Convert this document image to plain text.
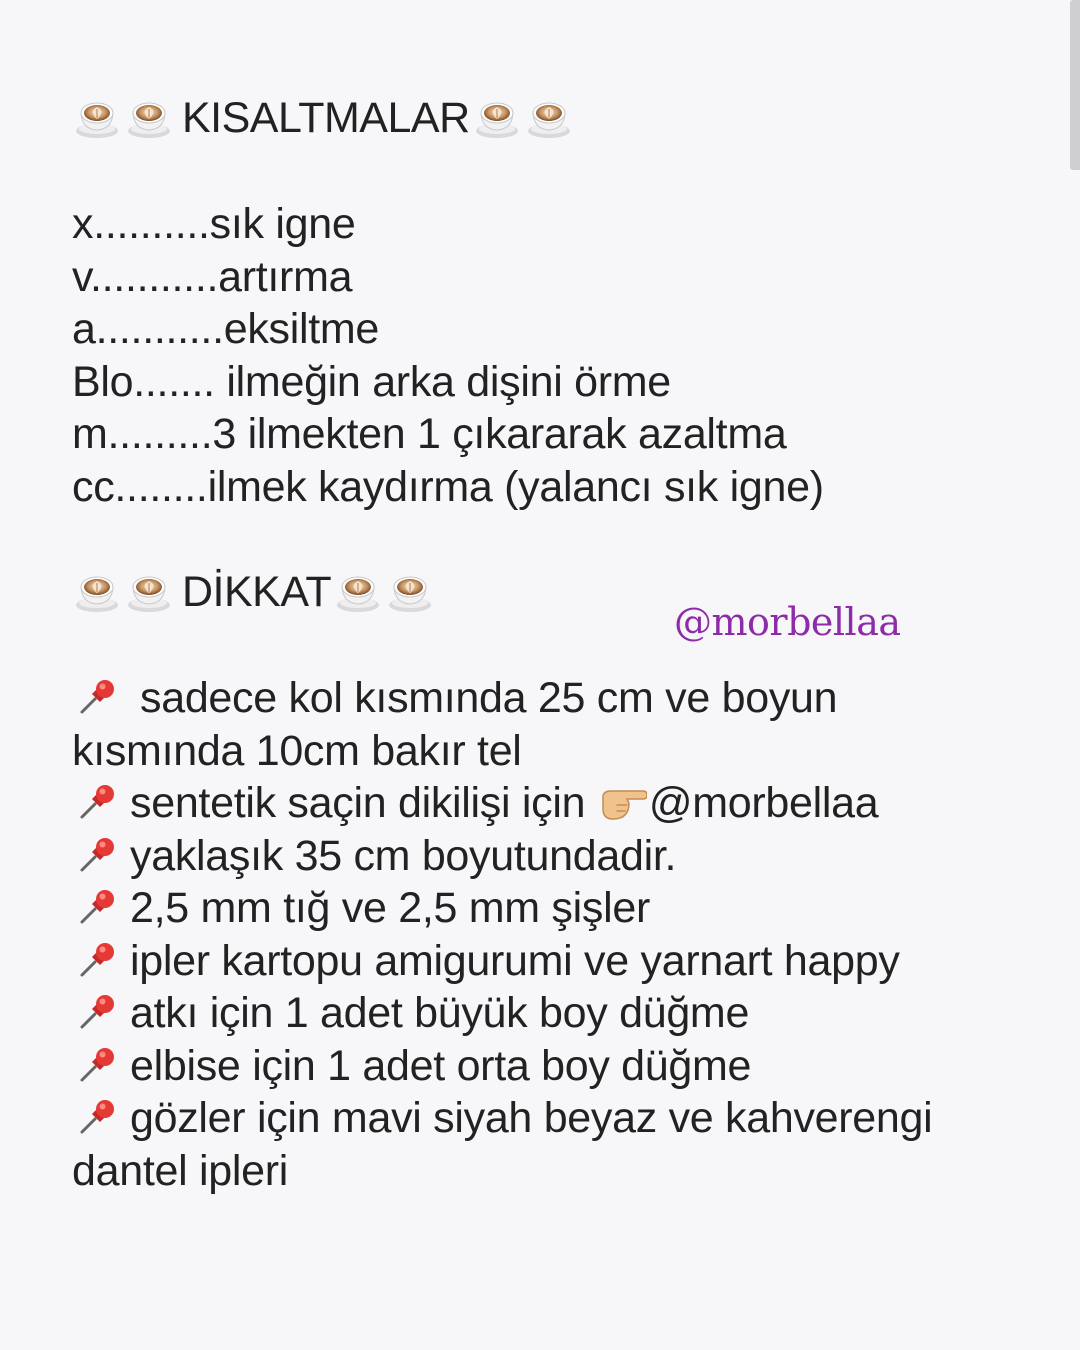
KISALTMALAR
x..........sık igne
v...........artırma
a...........eksiltme
Blo....... ilmeğin arka dişini örme
m.........3 ilmekten 1 çıkararak azaltma
cc........ilmek kaydırma (yalancı sık igne)
DİKKAT
@morbellaa
sadece kol kısmında 25 cm ve boyun kısmında 10cm bakır tel
sentetik saçin dikilişi için @morbellaa
yaklaşık 35 cm boyutundadir.
2,5 mm tığ ve 2,5 mm şişler
ipler kartopu amigurumi ve yarnart happy
atkı için 1 adet büyük boy düğme
elbise için 1 adet orta boy düğme
gözler için mavi siyah beyaz ve kahverengi dantel ipleri
